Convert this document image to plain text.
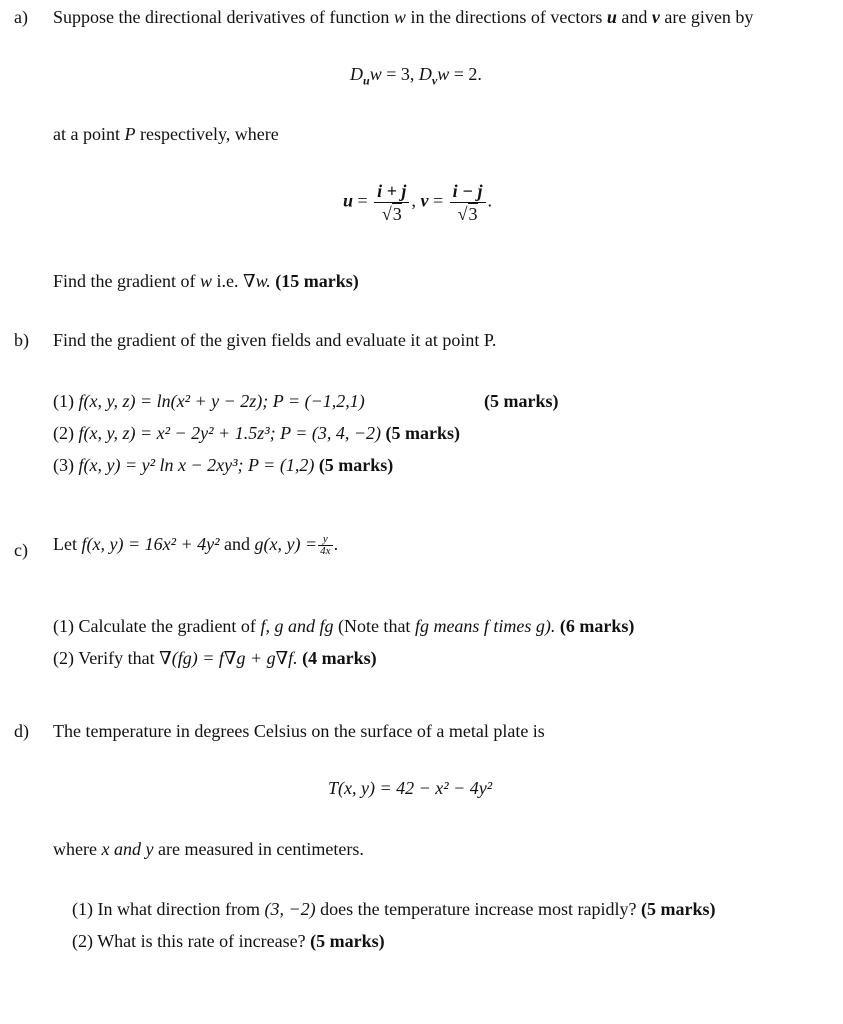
a) Suppose the directional derivatives of function w in the directions of vectors u and v are given by
$D_uw = 3$, $D_vw = 2$.
at a point P respectively, where
$u = \frac{i + j}{√3}$ , $v = \frac{i - j}{√3}$ .
Find the gradient of w i.e. ∇w. (15 marks)
b) Find the gradient of the given fields and evaluate it at point P.
(1) f(x, y, z) = ln(x² + y − 2z); P = (−1,2,1)	(5 marks)
(2) f(x, y, z) = x² − 2y² + 1.5z³; P = (3, 4, −2) (5 marks)
(3) f(x, y) = y² ln x − 2xy³; P = (1,2) (5 marks)
c) Let f(x, y) = 16x² + 4y² and g(x, $y) = \frac{y}{4x}$ .
(1) Calculate the gradient of f, g and fg (Note that fg means f times g). (6 marks)
(2) Verify that ∇(fg) = f∇g + g∇f. (4 marks)
d) The temperature in degrees Celsius on the surface of a metal plate is
T(x, y) = 42 − x² − 4y²
where x and y are measured in centimeters.
(1) In what direction from (3, −2) does the temperature increase most rapidly? (5 marks)
(2) What is this rate of increase? (5 marks)
